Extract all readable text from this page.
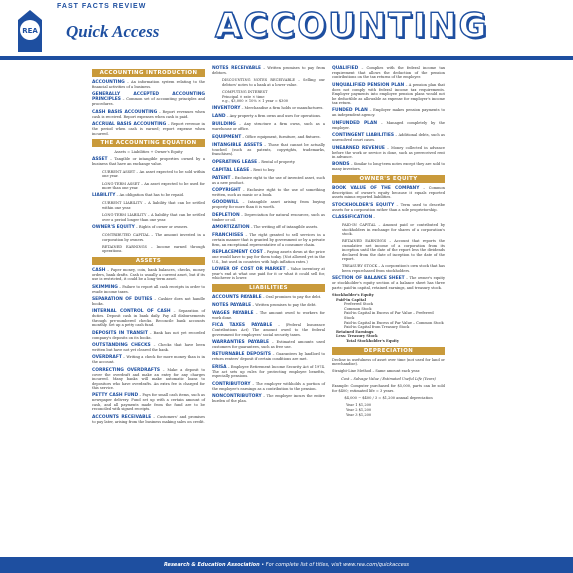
REA
FAST FACTS REVIEW
Quick Access ACCOUNTING
ACCOUNTING INTRODUCTION
ACCOUNTING – An information system relating to the financial activities of a business.
GENERALLY ACCEPTED ACCOUNTING PRINCIPLES – Common set of accounting principles and procedures.
CASH BASIS ACCOUNTING – Report revenues when cash is received. Report expenses when cash is paid.
ACCRUAL BASIS ACCOUNTING – Report revenue in the period when cash is earned; report expense when incurred.
THE ACCOUNTING EQUATION
Assets = Liabilities + Owner's Equity
ASSET – Tangible or intangible properties owned by a business that have an exchange value.
CURRENT ASSET – An asset expected to be sold within one year.
LONG-TERM ASSET – An asset expected to be used for more than one year.
LIABILITY – An obligation that has to be repaid.
CURRENT LIABILITY – A liability that can be settled within one year.
LONG-TERM LIABILITY – A liability that can be settled over a period longer than one year.
OWNER'S EQUITY – Rights of owner or owners.
CONTRIBUTED CAPITAL – The amount invested in a corporation by owners.
RETAINED EARNINGS – Income earned through operations.
ASSETS
CASH – Paper money, coin, bank balances, checks, money orders, bank drafts. Cash is usually a current asset, but if its use is restricted, it could be a long-term asset.
SKIMMING – Failure to report all cash receipts in order to evade income taxes.
SEPARATION OF DUTIES – Cashier does not handle books.
INTERNAL CONTROL OF CASH – Separation of duties. Deposit cash in bank daily. Pay all disbursements through pre-numbered checks. Reconcile bank accounts monthly. Set up a petty cash fund.
DEPOSITS IN TRANSIT – Bank has not yet recorded company's deposits on its books.
OUTSTANDING CHECKS – Checks that have been written but have not yet cleared the bank.
OVERDRAFT – Writing a check for more money than is in the account.
CORRECTING OVERDRAFTS – Make a deposit to cover the overdraft and make an entry for any charges incurred. Many banks will make automatic loans to depositors who have overdrafts. An extra fee is charged for this service.
PETTY CASH FUND – Pays for small cash items, such as newspaper delivery. Fund set up with a certain amount of cash, and all payments made from the fund are to be reconciled with signed receipts.
ACCOUNTS RECEIVABLE – Customers' and promises to pay later, arising from the business making sales on credit.
NOTES RECEIVABLE – Written promises to pay from debtors.
DISCOUNTING NOTES RECEIVABLE – Selling our debtors' notes to a bank at a lower value.
COMPUTING INTEREST
Principal × rate × time
e.g., $3,000 × 10% × 1 year = $300
INVENTORY – Merchandise a firm holds or manufactures.
LAND – Any property a firm owns and uses for operations.
BUILDING – Any structure a firm owns, such as a warehouse or office.
EQUIPMENT – Office equipment, furniture, and fixtures.
INTANGIBLE ASSETS – Those that cannot be actually touched (such as patents, copyrights, trademarks, franchises).
OPERATING LEASE – Rental of property.
CAPITAL LEASE – Rent to buy.
PATENT – Exclusive right to the use of invented asset, such as a new product.
COPYRIGHT – Exclusive right to the use of something written, such as music or a book.
GOODWILL – Intangible asset arising from buying property for more than it is worth.
DEPLETION – Depreciation for natural resources, such as timber or oil.
AMORTIZATION – The writing off of intangible assets.
FRANCHISES – The right granted to sell services in a certain manner that is granted by government or by a private firm, an exceptional representative of a consumer chain.
REPLACEMENT COST – Paying assets down at the price one would have to pay for them today. (Not allowed yet in the U.S., but used in countries with high inflation rates.)
LOWER OF COST OR MARKET – Value inventory at year's end at what one paid for it or what it could sell for, whichever is lower.
LIABILITIES
ACCOUNTS PAYABLE – Oral promises to pay the debt.
NOTES PAYABLE – Written promises to pay the debt.
WAGES PAYABLE – The amount owed to workers for work done.
FICA TAXES PAYABLE – (Federal Insurance Contributions Act) The amount owed to the federal government for employees' social security taxes.
WARRANTIES PAYABLE – Estimated amounts used customers for guarantees, such as free use.
RETURNABLE DEPOSITS – Guarantees by landlord to return renters' deposit if certain conditions are met.
ERISA – Employee Retirement Income Security Act of 1974. The act sets up rules for protecting employee benefits, especially pensions.
CONTRIBUTORY – The employer withholds a portion of the employee's earnings as a contribution to the pension.
NONCONTRIBUTORY – The employer incurs the entire burden of the plan.
QUALIFIED – Complies with the federal income tax requirement that allows the deduction of the pension contributions on the tax returns of the employer.
UNQUALIFIED PENSION PLAN – A pension plan that does not comply with federal income tax requirements. Employer payments into employee pension plans would not be deductible as allowable as expense for employer's income tax return.
FUNDED PLAN – Employer makes pension payments to an independent agency.
UNFUNDED PLAN – Managed completely by the employer.
CONTINGENT LIABILITIES – Additional debts, such as unresolved court cases.
UNEARNED REVENUE – Money collected in advance before the work or service is done, such as prereceived rent in advance.
BONDS – Similar to long-term notes except they are sold to many investors.
OWNER'S EQUITY
BOOK VALUE OF THE COMPANY – Common description of owner's equity because it equals reported assets minus reported liabilities.
STOCKHOLDER'S EQUITY – Term used to describe assets for a corporation rather than a sole proprietorship.
CLASSIFICATION –
PAID-IN CAPITAL – Amount paid or contributed by stockholders in exchange for shares of a corporation's stock.
RETAINED EARNINGS – Account that reports the cumulative net income of a corporation from its inception until the date of the report less the dividends declared from the date of inception to the date of the report.
TREASURY STOCK – A corporation's own stock that has been repurchased from stockholders.
SECTION OF BALANCE SHEET – The owner's equity or stockholder's equity section of a balance sheet has three parts: paid-in capital, retained earnings, and treasury stock.
Stockholder's Equity
Paid-in Capital
Preferred Stock
Common Stock
Paid-in Capital in Excess of Par Value – Preferred Stock
Paid-in Capital in Excess of Par Value – Common Stock
Paid-in Capital from Treasury Stock
Retained Earnings
Less: Treasury Stock
Total Stockholder's Equity
DEPRECIATION
Decline in usefulness of asset over time (not used for land or merchandise).
Straight-Line Method – Same amount each year.
Cost – Salvage Value / Estimated Useful Life (Years)
Example: Computer purchased for $5,000, parts can be sold for $400; estimated life = 3 years.
$4,000 − $400 / 3 = $1,200 annual depreciation
Year 1 $1,200
Year 2 $1,200
Year 3 $1,200
Research & Education Association • For complete list of titles, visit www.rea.com/quickaccess
